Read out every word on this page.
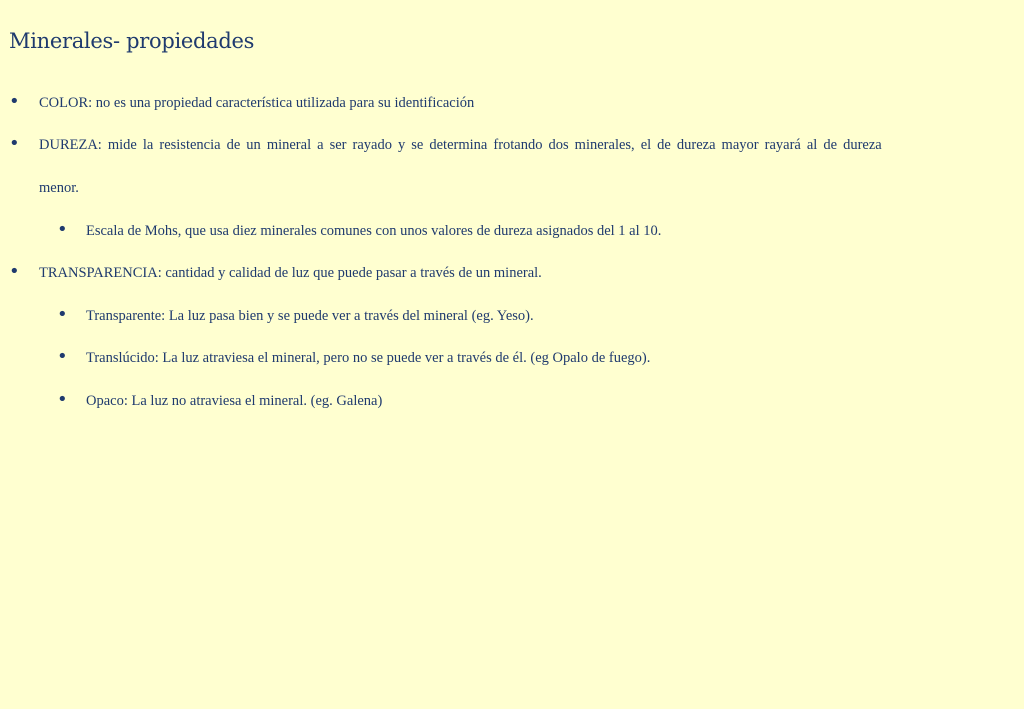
Minerales- propiedades
• COLOR: no es una propiedad característica utilizada para su identificación
• DUREZA: mide la resistencia de un mineral a ser rayado y se determina frotando dos minerales, el de dureza mayor rayará al de dureza
menor.
• Escala de Mohs, que usa diez minerales comunes con unos valores de dureza asignados del 1 al 10.
• TRANSPARENCIA: cantidad y calidad de luz que puede pasar a través de un mineral.
• Transparente: La luz pasa bien y se puede ver a través del mineral (eg. Yeso).
• Translúcido: La luz atraviesa el mineral, pero no se puede ver a través de él. (eg Opalo de fuego).
• Opaco: La luz no atraviesa el mineral. (eg. Galena)
